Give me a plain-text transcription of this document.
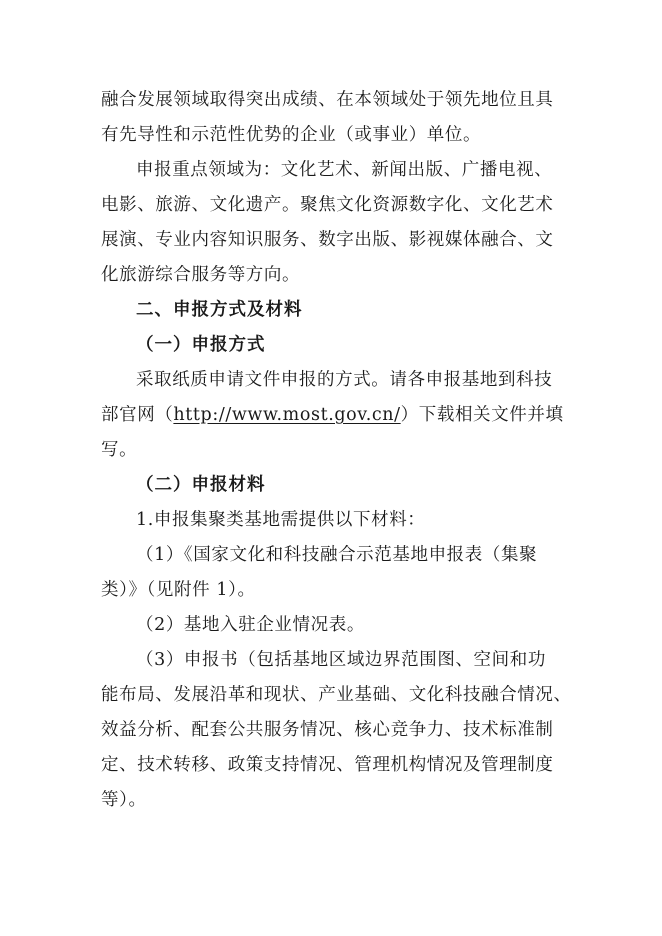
融合发展领域取得突出成绩、在本领域处于领先地位且具
有先导性和示范性优势的企业（或事业）单位。
申报重点领域为：文化艺术、新闻出版、广播电视、
电影、旅游、文化遗产。聚焦文化资源数字化、文化艺术
展演、专业内容知识服务、数字出版、影视媒体融合、文
化旅游综合服务等方向。
二、申报方式及材料
（一）申报方式
采取纸质申请文件申报的方式。请各申报基地到科技
部官网（http://www.most.gov.cn/）下载相关文件并填
写。
（二）申报材料
1.申报集聚类基地需提供以下材料：
（1）《国家文化和科技融合示范基地申报表（集聚
类）》（见附件 1）。
（2）基地入驻企业情况表。
（3）申报书（包括基地区域边界范围图、空间和功
能布局、发展沿革和现状、产业基础、文化科技融合情况、
效益分析、配套公共服务情况、核心竞争力、技术标准制
定、技术转移、政策支持情况、管理机构情况及管理制度
等）。
